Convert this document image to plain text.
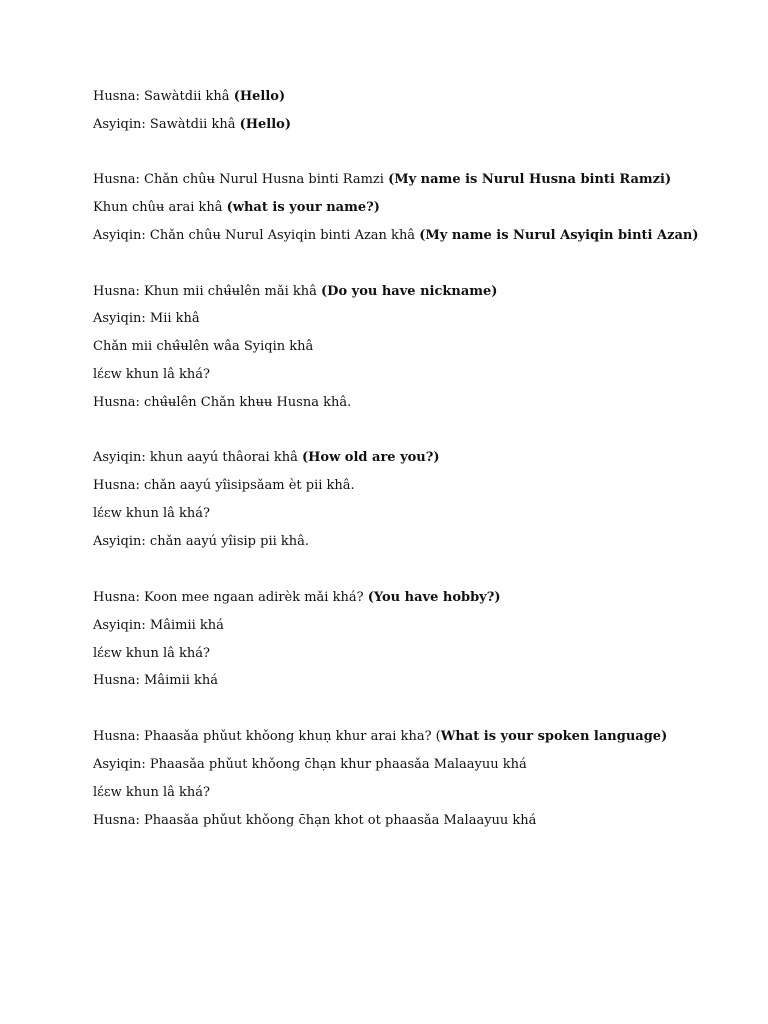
Husna: Sawàtdii khâ (Hello)
Asyiqin: Sawàtdii khâ (Hello)
Husna: Chǎn chûʉ Nurul Husna binti Ramzi (My name is Nurul Husna binti Ramzi)
Khun chûʉ arai khâ (what is your name?)
Asyiqin: Chǎn chûʉ Nurul Asyiqin binti Azan khâ (My name is Nurul Asyiqin binti Azan)
Husna: Khun mii chʉ̂ʉlên mǎi khâ (Do you have nickname)
Asyiqin: Mii khâ
Chǎn mii chʉ̂ʉlên wâa Syiqin khâ
lɛ́ɛw khun lâ khá?
Husna: chʉ̂ʉlên Chǎn khʉʉ Husna khâ.
Asyiqin: khun aayú thâorai khâ (How old are you?)
Husna: chǎn aayú yîisipsǎam èt pii khâ.
lɛ́ɛw khun lâ khá?
Asyiqin: chǎn aayú yîisip pii khâ.
Husna: Koon mee ngaan adirèk mǎi khá? (You have hobby?)
Asyiqin: Mâimii khá
lɛ́ɛw khun lâ khá?
Husna: Mâimii khá
Husna: Phaasǎa phǔut khǒong khuṇ khur arai kha? (What is your spoken language)
Asyiqin: Phaasǎa phǔut khǒong c̄hạn khur phaasǎa Malaayuu khá
lɛ́ɛw khun lâ khá?
Husna: Phaasǎa phǔut khǒong c̄hạn khot ot phaasǎa Malaayuu khá
